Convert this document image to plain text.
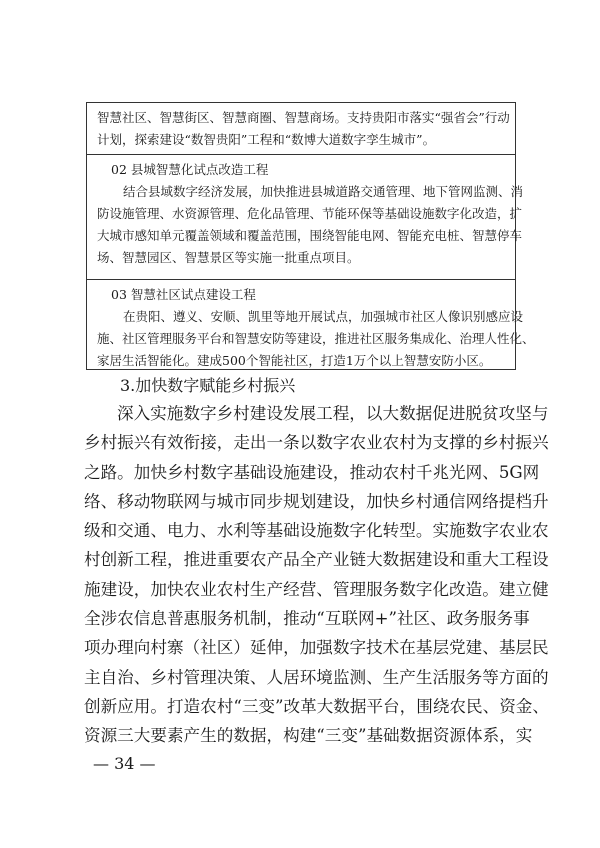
智慧社区、智慧街区、智慧商圈、智慧商场。支持贵阳市落实“强省会”行动
计划，探索建设“数智贵阳”工程和“数博大道数字孪生城市”。
02 县城智慧化试点改造工程
结合县域数字经济发展，加快推进县城道路交通管理、地下管网监测、消
防设施管理、水资源管理、危化品管理、节能环保等基础设施数字化改造，扩
大城市感知单元覆盖领域和覆盖范围，围绕智能电网、智能充电桩、智慧停车
场、智慧园区、智慧景区等实施一批重点项目。
03 智慧社区试点建设工程
在贵阳、遵义、安顺、凯里等地开展试点，加强城市社区人像识别感应设
施、社区管理服务平台和智慧安防等建设，推进社区服务集成化、治理人性化、
家居生活智能化。建成500个智能社区，打造1万个以上智慧安防小区。
3.加快数字赋能乡村振兴
深入实施数字乡村建设发展工程，以大数据促进脱贫攻坚与
乡村振兴有效衔接，走出一条以数字农业农村为支撑的乡村振兴
之路。加快乡村数字基础设施建设，推动农村千兆光网、5G网
络、移动物联网与城市同步规划建设，加快乡村通信网络提档升
级和交通、电力、水利等基础设施数字化转型。实施数字农业农
村创新工程，推进重要农产品全产业链大数据建设和重大工程设
施建设，加快农业农村生产经营、管理服务数字化改造。建立健
全涉农信息普惠服务机制，推动“互联网+”社区、政务服务事
项办理向村寨（社区）延伸，加强数字技术在基层党建、基层民
主自治、乡村管理决策、人居环境监测、生产生活服务等方面的
创新应用。打造农村“三变”改革大数据平台，围绕农民、资金、
资源三大要素产生的数据，构建“三变”基础数据资源体系，实
— 34 —
